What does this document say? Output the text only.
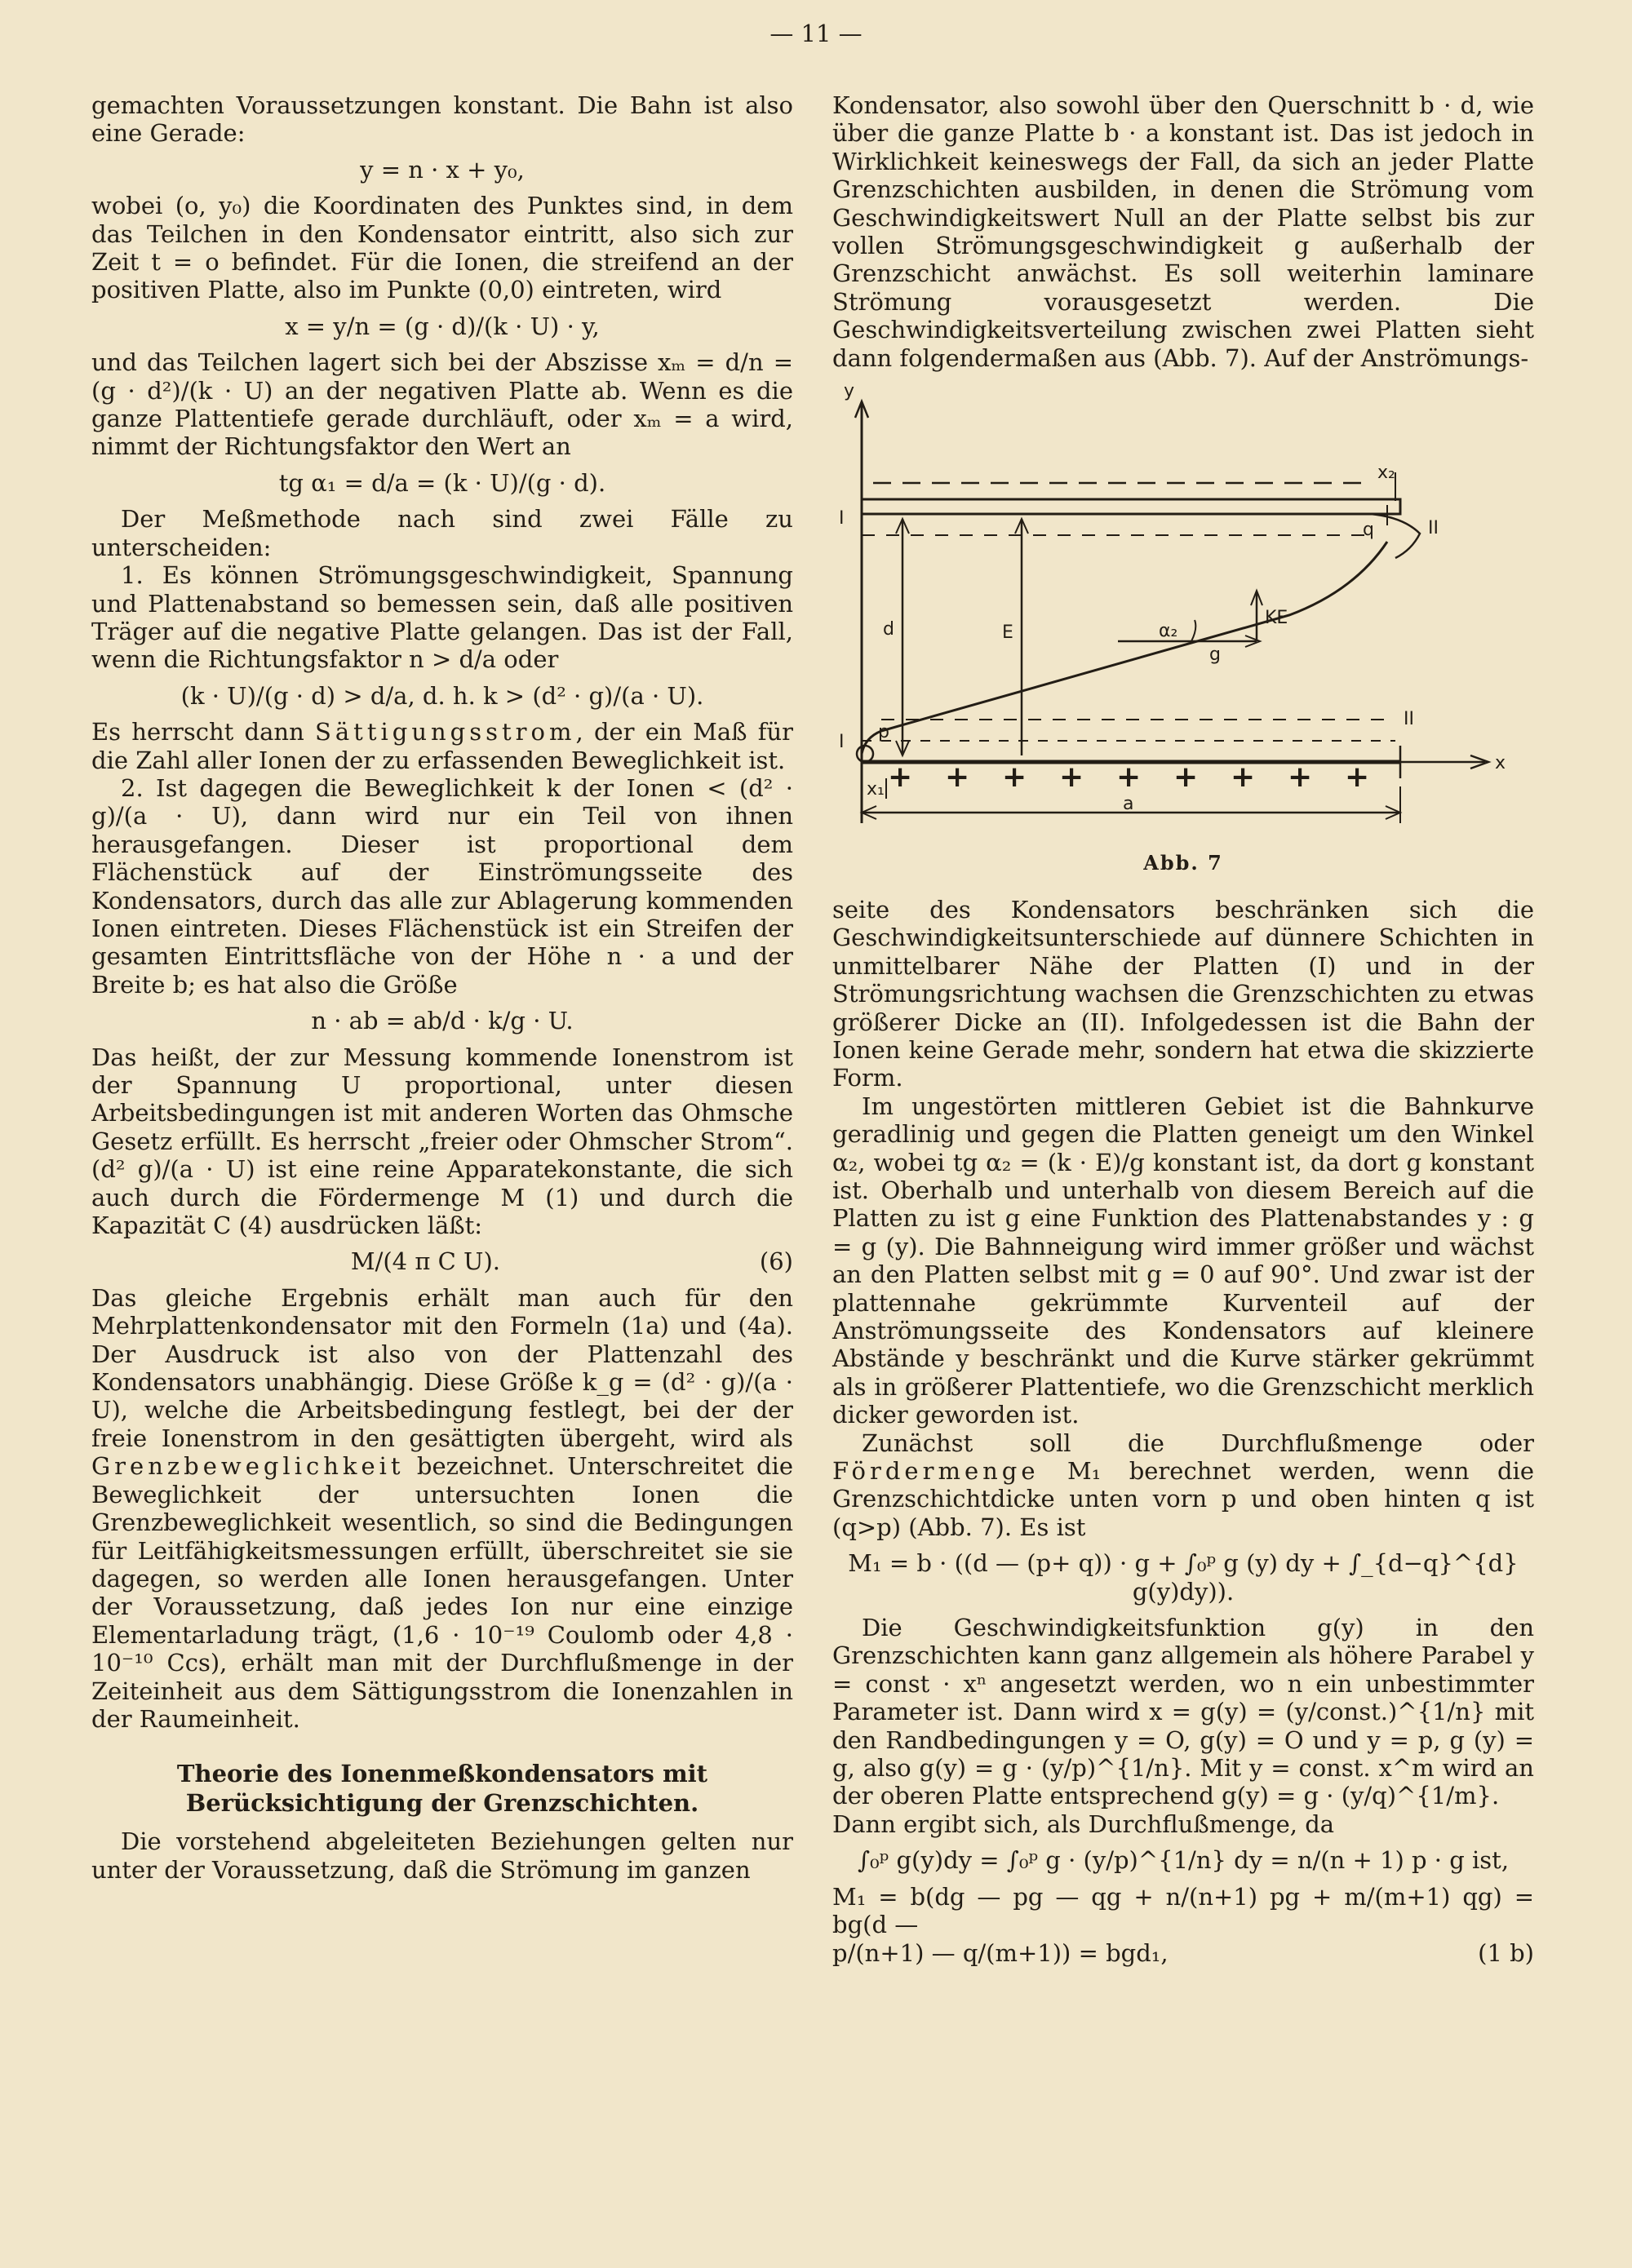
— 11 —

gemachten Voraussetzungen konstant. Die Bahn ist also eine Gerade:

y = n · x + y₀,

wobei (o, y₀) die Koordinaten des Punktes sind, in dem das Teilchen in den Kondensator eintritt, also sich zur Zeit t = o befindet. Für die Ionen, die streifend an der positiven Platte, also im Punkte (0,0) eintreten, wird

x = y/n = (g · d)/(k · U) · y,

und das Teilchen lagert sich bei der Abszisse xₘ = d/n = (g · d²)/(k · U) an der negativen Platte ab. Wenn es die ganze Plattentiefe gerade durchläuft, oder xₘ = a wird, nimmt der Richtungsfaktor den Wert an

tg α₁ = d/a = (k · U)/(g · d).

Der Meßmethode nach sind zwei Fälle zu unterscheiden:

1. Es können Strömungsgeschwindigkeit, Spannung und Plattenabstand so bemessen sein, daß alle positiven Träger auf die negative Platte gelangen. Das ist der Fall, wenn die Richtungsfaktor n > d/a oder

(k · U)/(g · d) > d/a, d. h. k > (d² · g)/(a · U).

Es herrscht dann Sättigungsstrom, der ein Maß für die Zahl aller Ionen der zu erfassenden Beweglichkeit ist.

2. Ist dagegen die Beweglichkeit k der Ionen < (d² · g)/(a · U), dann wird nur ein Teil von ihnen herausgefangen. Dieser ist proportional dem Flächenstück auf der Einströmungsseite des Kondensators, durch das alle zur Ablagerung kommenden Ionen eintreten. Dieses Flächenstück ist ein Streifen der gesamten Eintrittsfläche von der Höhe n · a und der Breite b; es hat also die Größe

n · ab = ab/d · k/g · U.

Das heißt, der zur Messung kommende Ionenstrom ist der Spannung U proportional, unter diesen Arbeitsbedingungen ist mit anderen Worten das Ohmsche Gesetz erfüllt. Es herrscht „freier oder Ohmscher Strom“. (d² g)/(a · U) ist eine reine Apparatekonstante, die sich auch durch die Fördermenge M (1) und durch die Kapazität C (4) ausdrücken läßt:

M/(4 π C U).	(6)

Das gleiche Ergebnis erhält man auch für den Mehrplattenkondensator mit den Formeln (1a) und (4a). Der Ausdruck ist also von der Plattenzahl des Kondensators unabhängig. Diese Größe k_g = (d² · g)/(a · U), welche die Arbeitsbedingung festlegt, bei der der freie Ionenstrom in den gesättigten übergeht, wird als Grenzbeweglichkeit bezeichnet. Unterschreitet die Beweglichkeit der untersuchten Ionen die Grenzbeweglichkeit wesentlich, so sind die Bedingungen für Leitfähigkeitsmessungen erfüllt, überschreitet sie sie dagegen, so werden alle Ionen herausgefangen. Unter der Voraussetzung, daß jedes Ion nur eine einzige Elementarladung trägt, (1,6 · 10⁻¹⁹ Coulomb oder 4,8 · 10⁻¹⁰ Ccs), erhält man mit der Durchflußmenge in der Zeiteinheit aus dem Sättigungsstrom die Ionenzahlen in der Raumeinheit.

Theorie des Ionenmeßkondensators mit Berücksichtigung der Grenzschichten.

Die vorstehend abgeleiteten Beziehungen gelten nur unter der Voraussetzung, daß die Strömung im ganzen

Kondensator, also sowohl über den Querschnitt b · d, wie über die ganze Platte b · a konstant ist. Das ist jedoch in Wirklichkeit keineswegs der Fall, da sich an jeder Platte Grenzschichten ausbilden, in denen die Strömung vom Geschwindigkeitswert Null an der Platte selbst bis zur vollen Strömungsgeschwindigkeit g außerhalb der Grenzschicht anwächst. Es soll weiterhin laminare Strömung vorausgesetzt werden. Die Geschwindigkeitsverteilung zwischen zwei Platten sieht dann folgendermaßen aus (Abb. 7). Auf der Anströmungs-

y
x
I
I
II
II
d	E
g
KE
α₂
q
p
x₁
x₂
a
+ + + + + + + + +
Abb. 7

seite des Kondensators beschränken sich die Geschwindigkeitsunterschiede auf dünnere Schichten in unmittelbarer Nähe der Platten (I) und in der Strömungsrichtung wachsen die Grenzschichten zu etwas größerer Dicke an (II). Infolgedessen ist die Bahn der Ionen keine Gerade mehr, sondern hat etwa die skizzierte Form.

Im ungestörten mittleren Gebiet ist die Bahnkurve geradlinig und gegen die Platten geneigt um den Winkel α₂, wobei tg α₂ = (k · E)/g konstant ist, da dort g konstant ist. Oberhalb und unterhalb von diesem Bereich auf die Platten zu ist g eine Funktion des Plattenabstandes y : g = g (y). Die Bahnneigung wird immer größer und wächst an den Platten selbst mit g = 0 auf 90°. Und zwar ist der plattennahe gekrümmte Kurventeil auf der Anströmungsseite des Kondensators auf kleinere Abstände y beschränkt und die Kurve stärker gekrümmt als in größerer Plattentiefe, wo die Grenzschicht merklich dicker geworden ist.

Zunächst soll die Durchflußmenge oder Fördermenge M₁ berechnet werden, wenn die Grenzschichtdicke unten vorn p und oben hinten q ist (q>p) (Abb. 7). Es ist

M₁ = b · ((d — (p+ q)) · g + ∫₀ᵖ g (y) dy + ∫_{d−q}^{d} g(y)dy)).

Die Geschwindigkeitsfunktion g(y) in den Grenzschichten kann ganz allgemein als höhere Parabel y = const · xⁿ angesetzt werden, wo n ein unbestimmter Parameter ist. Dann wird x = g(y) = (y/const.)^{1/n} mit den Randbedingungen y = O, g(y) = O und y = p, g (y) = g, also g(y) = g · (y/p)^{1/n}. Mit y = const. x^m wird an der oberen Platte entsprechend g(y) = g · (y/q)^{1/m}.

Dann ergibt sich, als Durchflußmenge, da

∫₀ᵖ g(y)dy = ∫₀ᵖ g · (y/p)^{1/n} dy = n/(n + 1) p · g ist,

M₁ = b(dg — pg — qg + n/(n+1) pg + m/(m+1) qg) = bg(d —

p/(n+1) — q/(m+1)) = bgd₁,	(1 b)
